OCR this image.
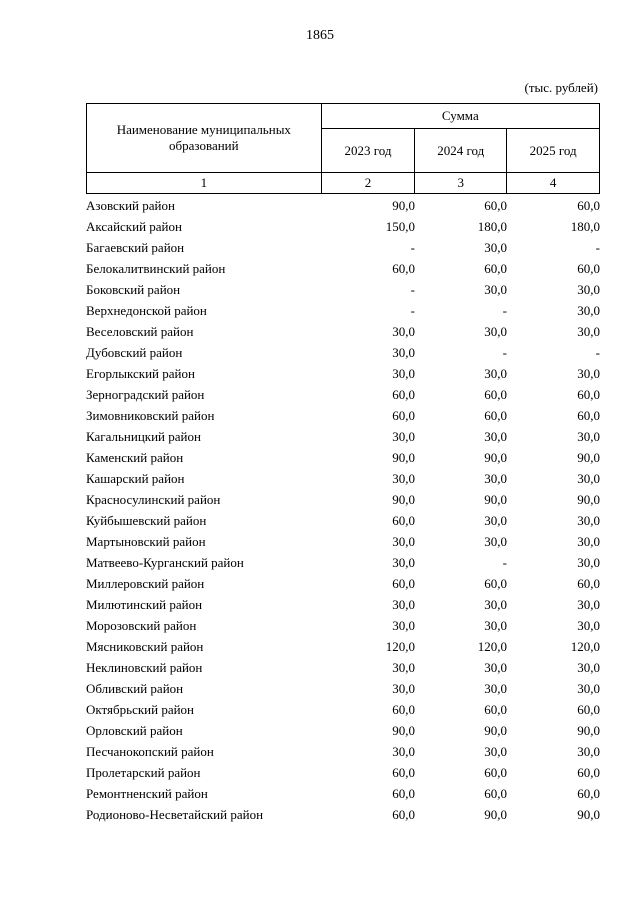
1865
(тыс. рублей)
Наименование муниципальных образований	Сумма		
	2023 год	2024 год	2025 год
1	2	3	4
Азовский район	90,0	60,0	60,0
Аксайский район	150,0	180,0	180,0
Багаевский район	-	30,0	-
Белокалитвинский район	60,0	60,0	60,0
Боковский район	-	30,0	30,0
Верхнедонской район	-	-	30,0
Веселовский район	30,0	30,0	30,0
Дубовский район	30,0	-	-
Егорлыкский район	30,0	30,0	30,0
Зерноградский район	60,0	60,0	60,0
Зимовниковский район	60,0	60,0	60,0
Кагальницкий район	30,0	30,0	30,0
Каменский район	90,0	90,0	90,0
Кашарский район	30,0	30,0	30,0
Красносулинский район	90,0	90,0	90,0
Куйбышевский район	60,0	30,0	30,0
Мартыновский район	30,0	30,0	30,0
Матвеево-Курганский район	30,0	-	30,0
Миллеровский район	60,0	60,0	60,0
Милютинский район	30,0	30,0	30,0
Морозовский район	30,0	30,0	30,0
Мясниковский район	120,0	120,0	120,0
Неклиновский район	30,0	30,0	30,0
Обливский район	30,0	30,0	30,0
Октябрьский район	60,0	60,0	60,0
Орловский район	90,0	90,0	90,0
Песчанокопский район	30,0	30,0	30,0
Пролетарский район	60,0	60,0	60,0
Ремонтненский район	60,0	60,0	60,0
Родионово-Несветайский район	60,0	90,0	90,0
